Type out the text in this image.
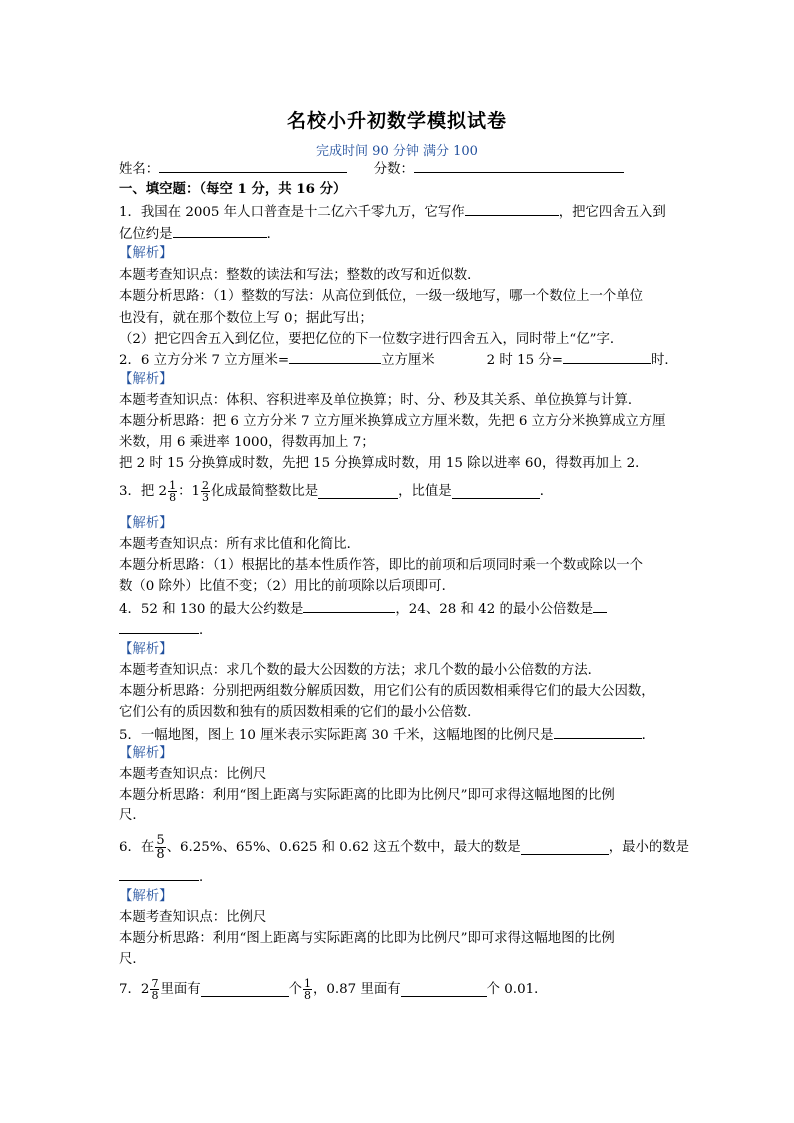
名校小升初数学模拟试卷
完成时间 90 分钟 满分 100
姓名：	分数：
一、填空题：（每空 1 分，共 16 分）
1．我国在 2005 年人口普查是十二亿六千零九万，它写作	，把它四舍五入到
亿位约是	．
【解析】
本题考查知识点：整数的读法和写法；整数的改写和近似数．
本题分析思路：（1）整数的写法：从高位到低位，一级一级地写，哪一个数位上一个单位
也没有，就在那个数位上写 0；据此写出；
（2）把它四舍五入到亿位，要把亿位的下一位数字进行四舍五入，同时带上“亿”字．
2．6 立方分米 7 立方厘米=	立方厘米	2 时 15 分=	时．
【解析】
本题考查知识点：体积、容积进率及单位换算；时、分、秒及其关系、单位换算与计算．
本题分析思路：把 6 立方分米 7 立方厘米换算成立方厘米数，先把 6 立方分米换算成立方厘
米数，用 6 乘进率 1000，得数再加上 7；
把 2 时 15 分换算成时数，先把 15 分换算成时数，用 15 除以进率 60，得数再加上 2．
3．把 $2 \frac{1}{8}$ ：$1 \frac{2}{3}$ 化成最简整数比是	，比值是	．
【解析】
本题考查知识点：所有求比值和化简比．
本题分析思路：（1）根据比的基本性质作答，即比的前项和后项同时乘一个数或除以一个
数（0 除外）比值不变；（2）用比的前项除以后项即可．
4．52 和 130 的最大公约数是	，24、28 和 42 的最小公倍数是
．
【解析】
本题考查知识点：求几个数的最大公因数的方法；求几个数的最小公倍数的方法．
本题分析思路：分别把两组数分解质因数，用它们公有的质因数相乘得它们的最大公因数，
它们公有的质因数和独有的质因数相乘的它们的最小公倍数．
5．一幅地图，图上 10 厘米表示实际距离 30 千米，这幅地图的比例尺是	．
【解析】
本题考查知识点：比例尺
本题分析思路：利用“图上距离与实际距离的比即为比例尺”即可求得这幅地图的比例
尺．
6．在 $\frac{5}{8}$ 、6.25%、65%、0.625 和 0.62 这五个数中，最大的数是	，最小的数是
．
【解析】
本题考查知识点：比例尺
本题分析思路：利用“图上距离与实际距离的比即为比例尺”即可求得这幅地图的比例
尺．
7．$2 \frac{7}{8}$ 里面有	个 $\frac{1}{8}$ ，0.87 里面有	个 0.01．
